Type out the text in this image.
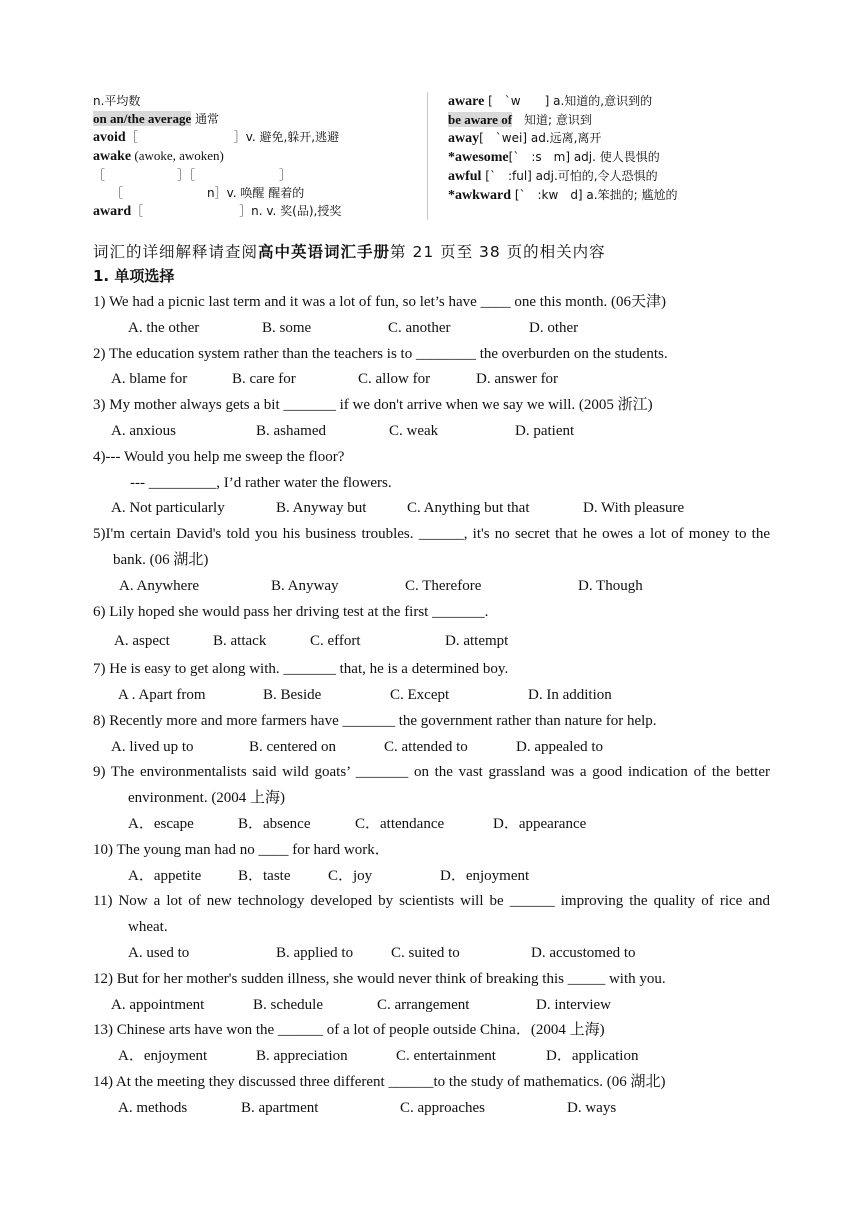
n.平均数
on an/the average 通常
avoid［　　　　　　　　］v. 避免,躲开,逃避
awake (awoke, awoken)
［　　　　　　］［　　　　　　　］
　　［　　　　　　　n］v. 唤醒 醒着的
award［　　　　　　　　］n. v. 奖(品),授奖
aware [　`w　　] a.知道的,意识到的
be aware of　知道; 意识到
away[　`wei] ad.远离,离开
*awesome[`　:s　m] adj. 使人畏惧的
awful [`　:ful] adj.可怕的,令人恐惧的
*awkward [`　:kw　d] a.笨拙的; 尴尬的
词汇的详细解释请查阅高中英语词汇手册第 21 页至 38 页的相关内容
1. 单项选择

1) We had a picnic last term and it was a lot of fun, so let’s have ____ one this month. (06天津)

A. the other	B. some	C. another	D. other

2) The education system rather than the teachers is to ________ the overburden on the students.

A. blame for	B. care for	C. allow for	D. answer for

3) My mother always gets a bit _______ if we don't arrive when we say we will. (2005 浙江)

A. anxious	B. ashamed	C. weak	D. patient

4)--- Would you help me sweep the floor?

--- _________, I’d rather water the flowers.

A. Not particularly	B. Anyway but	C. Anything but that	D. With pleasure

5)I'm certain David's told you his business troubles. ______, it's no secret that he owes a lot of money to the bank. (06 湖北)

A. Anywhere	B. Anyway	C. Therefore	D. Though

6) Lily hoped she would pass her driving test at the first _______.

A. aspect	B. attack	C. effort	D. attempt

7) He is easy to get along with. _______ that, he is a determined boy.

A . Apart from	B. Beside	C. Except	D. In addition

8) Recently more and more farmers have _______ the government rather than nature for help.

A. lived up to	B. centered on	C. attended to	D. appealed to

9) The environmentalists said wild goats’ _______ on the vast grassland was a good indication of the better environment. (2004 上海)

A．escape	B．absence	C．attendance	D．appearance

10) The young man had no ____ for hard work．

A．appetite B．taste	C．joy	D．enjoyment

11) Now a lot of new technology developed by scientists will be ______ improving the quality of rice and wheat.

A. used to	B. applied to	C. suited to	D. accustomed to

12) But for her mother's sudden illness, she would never think of breaking this _____ with you.

A. appointment	B. schedule	C. arrangement	D. interview

13) Chinese arts have won the ______ of a lot of people outside China．(2004 上海)

A．enjoyment	B. appreciation	C. entertainment	D．application

14) At the meeting they discussed three different ______to the study of mathematics. (06 湖北)

A. methods	B. apartment	C. approaches	D. ways
